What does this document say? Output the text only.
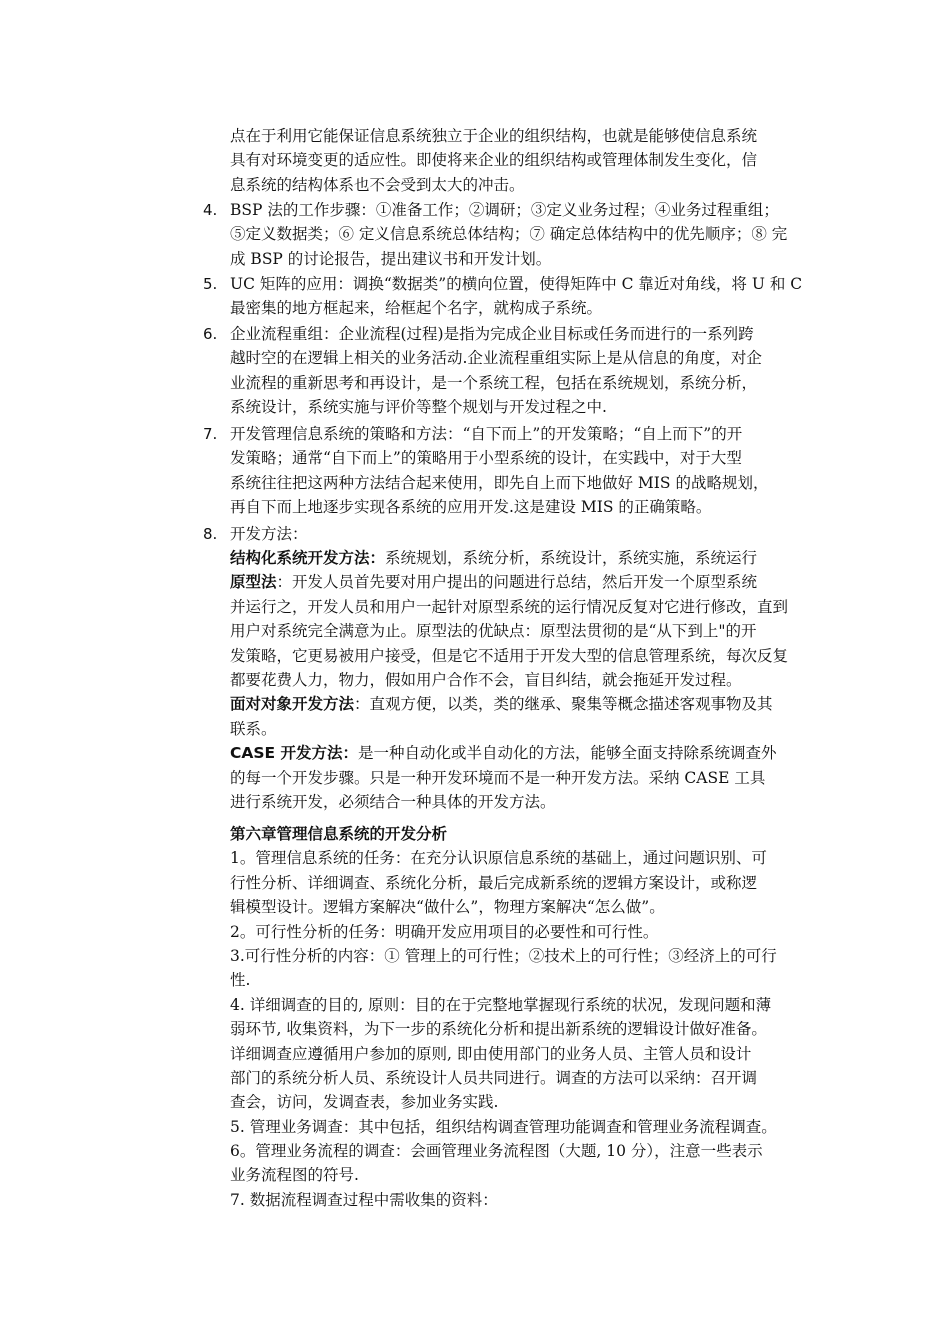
点在于利用它能保证信息系统独立于企业的组织结构，也就是能够使信息系统
具有对环境变更的适应性。即使将来企业的组织结构或管理体制发生变化，信
息系统的结构体系也不会受到太大的冲击。
4. BSP 法的工作步骤：①准备工作；②调研；③定义业务过程；④业务过程重组；
⑤定义数据类；⑥ 定义信息系统总体结构；⑦ 确定总体结构中的优先顺序；⑧ 完
成 BSP 的讨论报告，提出建议书和开发计划。
5. UC 矩阵的应用：调换“数据类”的横向位置，使得矩阵中 C 靠近对角线，将 U 和 C
最密集的地方框起来，给框起个名字，就构成子系统。
6. 企业流程重组：企业流程(过程)是指为完成企业目标或任务而进行的一系列跨
越时空的在逻辑上相关的业务活动.企业流程重组实际上是从信息的角度，对企
业流程的重新思考和再设计，是一个系统工程，包括在系统规划，系统分析，
系统设计，系统实施与评价等整个规划与开发过程之中.
7. 开发管理信息系统的策略和方法：“自下而上”的开发策略；“自上而下”的开
发策略；通常“自下而上”的策略用于小型系统的设计，在实践中，对于大型
系统往往把这两种方法结合起来使用，即先自上而下地做好 MIS 的战略规划，
再自下而上地逐步实现各系统的应用开发.这是建设 MIS 的正确策略。
8. 开发方法：
结构化系统开发方法：系统规划，系统分析，系统设计，系统实施，系统运行
原型法：开发人员首先要对用户提出的问题进行总结，然后开发一个原型系统
并运行之，开发人员和用户一起针对原型系统的运行情况反复对它进行修改，直到
用户对系统完全满意为止。原型法的优缺点：原型法贯彻的是“从下到上"的开
发策略，它更易被用户接受，但是它不适用于开发大型的信息管理系统，每次反复
都要花费人力，物力，假如用户合作不会，盲目纠结，就会拖延开发过程。
面对对象开发方法：直观方便，以类，类的继承、聚集等概念描述客观事物及其
联系。
CASE 开发方法：是一种自动化或半自动化的方法，能够全面支持除系统调查外
的每一个开发步骤。只是一种开发环境而不是一种开发方法。采纳 CASE 工具
进行系统开发，必须结合一种具体的开发方法。
第六章管理信息系统的开发分析
1。管理信息系统的任务：在充分认识原信息系统的基础上，通过问题识别、可
行性分析、详细调查、系统化分析，最后完成新系统的逻辑方案设计，或称逻
辑模型设计。逻辑方案解决“做什么”，物理方案解决“怎么做”。
2。可行性分析的任务：明确开发应用项目的必要性和可行性。
3.可行性分析的内容：① 管理上的可行性；②技术上的可行性；③经济上的可行
性.
4. 详细调查的目的, 原则：目的在于完整地掌握现行系统的状况，发现问题和薄
弱环节, 收集资料，为下一步的系统化分析和提出新系统的逻辑设计做好准备。
详细调查应遵循用户参加的原则, 即由使用部门的业务人员、主管人员和设计
部门的系统分析人员、系统设计人员共同进行。调查的方法可以采纳：召开调
查会，访问，发调查表，参加业务实践.
5. 管理业务调查：其中包括，组织结构调查管理功能调查和管理业务流程调查。
6。管理业务流程的调查：会画管理业务流程图（大题, 10 分），注意一些表示
业务流程图的符号.
7. 数据流程调查过程中需收集的资料：
